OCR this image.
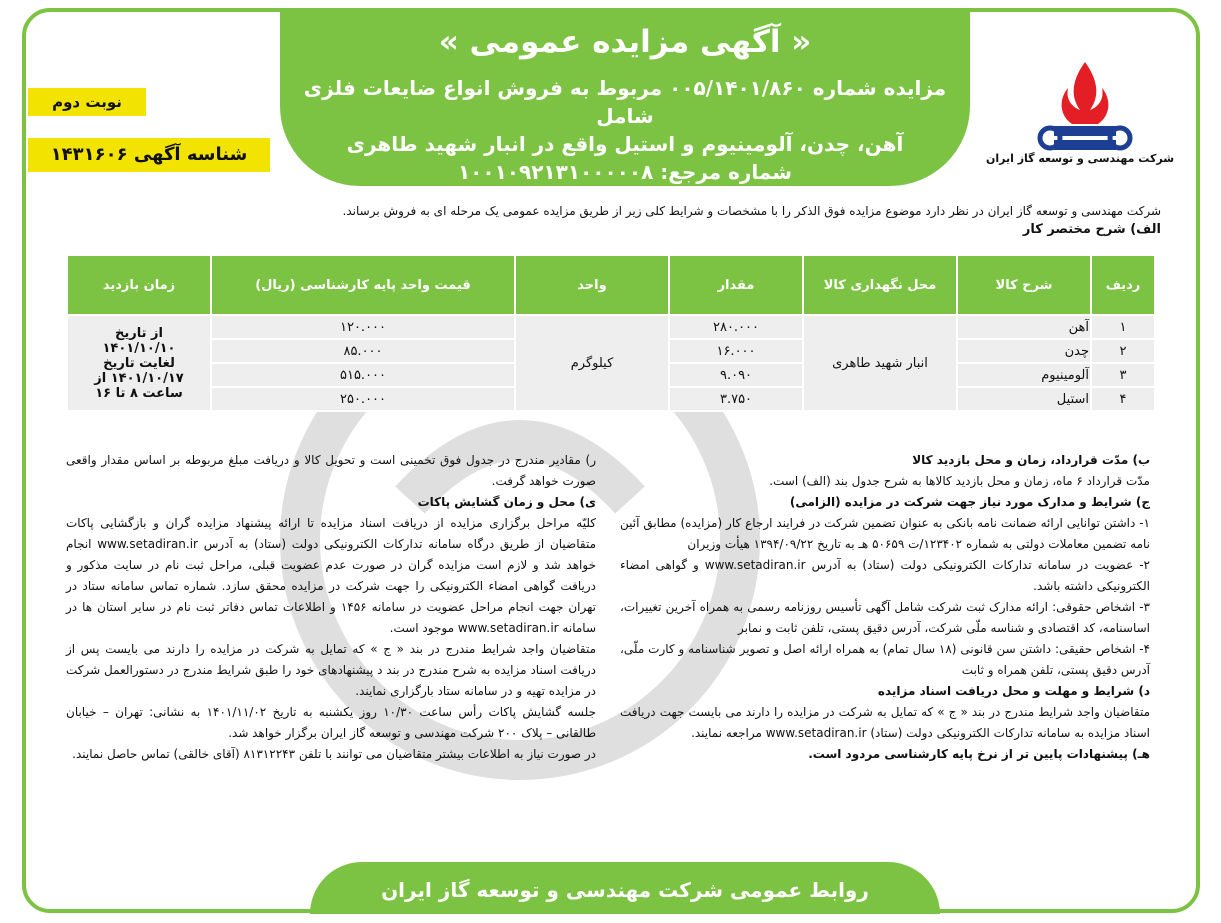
« آگهی مزایده عمومی »
مزایده شماره ۰۰۵/۱۴۰۱/۸۶۰ مربوط به فروش انواع ضایعات فلزی شامل
آهن، چدن، آلومینیوم و استیل واقع در انبار شهید طاهری
شماره مرجع: ۱۰۰۱۰۹۲۱۳۱۰۰۰۰۰۸
شرکت مهندسی و توسعه گاز ایران
نوبت دوم
شناسه آگهی ۱۴۳۱۶۰۶
شرکت مهندسی و توسعه گاز ایران در نظر دارد موضوع مزایده فوق الذکر را با مشخصات و شرایط کلی زیر از طریق مزایده عمومی یک مرحله ای به فروش برساند.
الف) شرح مختصر کار
ردیف	شرح کالا	محل نگهداری کالا	مقدار	واحد	قیمت واحد پایه کارشناسی (ریال)	زمان بازدید
۱	آهن	انبار شهید طاهری	۲۸۰.۰۰۰	کیلوگرم	۱۲۰.۰۰۰	از تاریخ ۱۴۰۱/۱۰/۱۰ لغایت تاریخ ۱۴۰۱/۱۰/۱۷ از ساعت ۸ تا ۱۶
۲	چدن		۱۶.۰۰۰		۸۵.۰۰۰	
۳	آلومینیوم		۹.۰۹۰		۵۱۵.۰۰۰	
۴	استیل		۳.۷۵۰		۲۵۰.۰۰۰	
ب) مدّت قرارداد، زمان و محل بازدید کالا
مدّت قرارداد ۶ ماه، زمان و محل بازدید کالاها به شرح جدول بند (الف) است.
ج) شرایط و مدارک مورد نیاز جهت شرکت در مزایده (الزامی)
۱- داشتن توانایی ارائه ضمانت نامه بانکی به عنوان تضمین شرکت در فرایند ارجاع کار (مزایده) مطابق آئین نامه تضمین معاملات دولتی به شماره ۱۲۳۴۰۲/ت ۵۰۶۵۹ هـ به تاریخ ۱۳۹۴/۰۹/۲۲ هیأت وزیران
۲- عضویت در سامانه تدارکات الکترونیکی دولت (ستاد) به آدرس www.setadiran.ir و گواهی امضاء الکترونیکی داشته باشد.
۳- اشخاص حقوقی: ارائه مدارک ثبت شرکت شامل آگهی تأسیس روزنامه رسمی به همراه آخرین تغییرات، اساسنامه، کد اقتصادی و شناسه ملّی شرکت، آدرس دقیق پستی، تلفن ثابت و نمابر
۴- اشخاص حقیقی: داشتن سن قانونی (۱۸ سال تمام) به همراه ارائه اصل و تصویر شناسنامه و کارت ملّی، آدرس دقیق پستی، تلفن همراه و ثابت
د) شرایط و مهلت و محل دریافت اسناد مزایده
متقاضیان واجد شرایط مندرج در بند « ج » که تمایل به شرکت در مزایده را دارند می بایست جهت دریافت اسناد مزایده به سامانه تدارکات الکترونیکی دولت (ستاد) www.setadiran.ir مراجعه نمایند.
هـ) پیشنهادات پایین تر از نرخ پایه کارشناسی مردود است.
ر) مقادیر مندرج در جدول فوق تخمینی است و تحویل کالا و دریافت مبلغ مربوطه بر اساس مقدار واقعی صورت خواهد گرفت.
ی) محل و زمان گشایش پاکات
کلیّه مراحل برگزاری مزایده از دریافت اسناد مزایده تا ارائه پیشنهاد مزایده گران و بازگشایی پاکات متقاضیان از طریق درگاه سامانه تدارکات الکترونیکی دولت (ستاد) به آدرس www.setadiran.ir انجام خواهد شد و لازم است مزایده گران در صورت عدم عضویت قبلی، مراحل ثبت نام در سایت مذکور و دریافت گواهی امضاء الکترونیکی را جهت شرکت در مزایده محقق سازد. شماره تماس سامانه ستاد در تهران جهت انجام مراحل عضویت در سامانه ۱۴۵۶ و اطلاعات تماس دفاتر ثبت نام در سایر استان ها در سامانه www.setadiran.ir موجود است.
متقاضیان واجد شرایط مندرج در بند « ج » که تمایل به شرکت در مزایده را دارند می بایست پس از دریافت اسناد مزایده به شرح مندرج در بند د پیشنهادهای خود را طبق شرایط مندرج در دستورالعمل شرکت در مزایده تهیه و در سامانه ستاد بارگزاری نمایند.
جلسه گشایش پاکات رأس ساعت ۱۰/۳۰ روز یکشنبه به تاریخ ۱۴۰۱/۱۱/۰۲ به نشانی: تهران – خیابان طالقانی – پلاک ۲۰۰ شرکت مهندسی و توسعه گاز ایران برگزار خواهد شد.
در صورت نیاز به اطلاعات بیشتر متقاضیان می توانند با تلفن ۸۱۳۱۲۲۴۳ (آقای خالقی) تماس حاصل نمایند.
روابط عمومی شرکت مهندسی و توسعه گاز ایران
